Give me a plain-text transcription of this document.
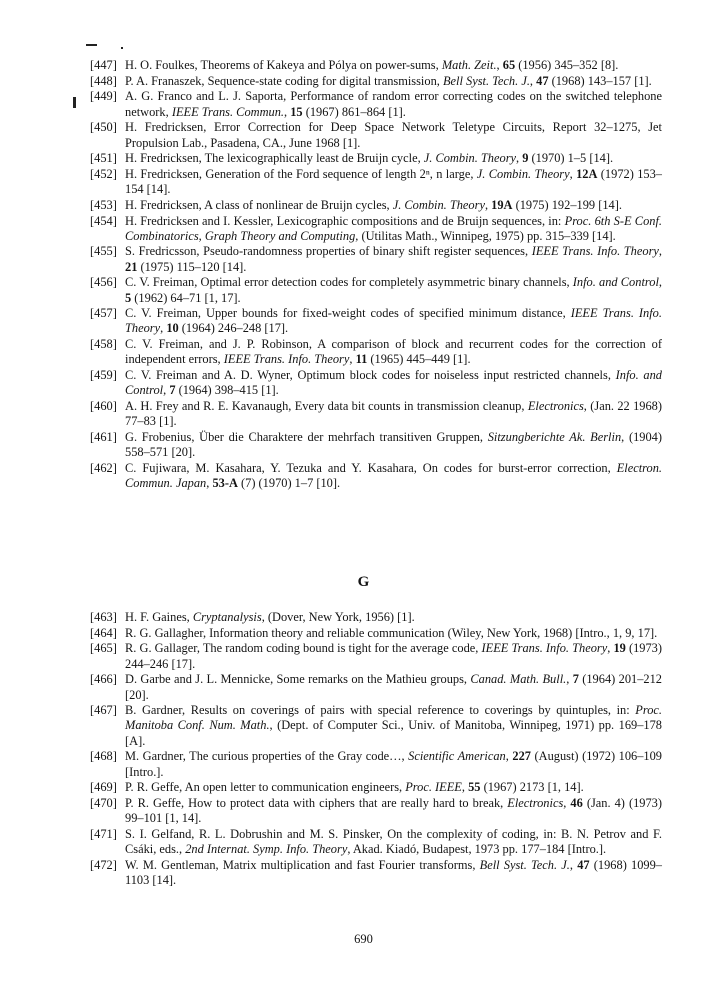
[447] H. O. Foulkes, Theorems of Kakeya and Pólya on power-sums, Math. Zeit., 65 (1956) 345–352 [8].
[448] P. A. Franaszek, Sequence-state coding for digital transmission, Bell Syst. Tech. J., 47 (1968) 143–157 [1].
[449] A. G. Franco and L. J. Saporta, Performance of random error correcting codes on the switched telephone network, IEEE Trans. Commun., 15 (1967) 861–864 [1].
[450] H. Fredricksen, Error Correction for Deep Space Network Teletype Circuits, Report 32–1275, Jet Propulsion Lab., Pasadena, CA., June 1968 [1].
[451] H. Fredricksen, The lexicographically least de Bruijn cycle, J. Combin. Theory, 9 (1970) 1–5 [14].
[452] H. Fredricksen, Generation of the Ford sequence of length 2ⁿ, n large, J. Combin. Theory, 12A (1972) 153–154 [14].
[453] H. Fredricksen, A class of nonlinear de Bruijn cycles, J. Combin. Theory, 19A (1975) 192–199 [14].
[454] H. Fredricksen and I. Kessler, Lexicographic compositions and de Bruijn sequences, in: Proc. 6th S-E Conf. Combinatorics, Graph Theory and Computing, (Utilitas Math., Winnipeg, 1975) pp. 315–339 [14].
[455] S. Fredricsson, Pseudo-randomness properties of binary shift register sequences, IEEE Trans. Info. Theory, 21 (1975) 115–120 [14].
[456] C. V. Freiman, Optimal error detection codes for completely asymmetric binary channels, Info. and Control, 5 (1962) 64–71 [1, 17].
[457] C. V. Freiman, Upper bounds for fixed-weight codes of specified minimum distance, IEEE Trans. Info. Theory, 10 (1964) 246–248 [17].
[458] C. V. Freiman, and J. P. Robinson, A comparison of block and recurrent codes for the correction of independent errors, IEEE Trans. Info. Theory, 11 (1965) 445–449 [1].
[459] C. V. Freiman and A. D. Wyner, Optimum block codes for noiseless input restricted channels, Info. and Control, 7 (1964) 398–415 [1].
[460] A. H. Frey and R. E. Kavanaugh, Every data bit counts in transmission cleanup, Electronics, (Jan. 22 1968) 77–83 [1].
[461] G. Frobenius, Über die Charaktere der mehrfach transitiven Gruppen, Sitzungberichte Ak. Berlin, (1904) 558–571 [20].
[462] C. Fujiwara, M. Kasahara, Y. Tezuka and Y. Kasahara, On codes for burst-error correction, Electron. Commun. Japan, 53-A (7) (1970) 1–7 [10].
G
[463] H. F. Gaines, Cryptanalysis, (Dover, New York, 1956) [1].
[464] R. G. Gallagher, Information theory and reliable communication (Wiley, New York, 1968) [Intro., 1, 9, 17].
[465] R. G. Gallager, The random coding bound is tight for the average code, IEEE Trans. Info. Theory, 19 (1973) 244–246 [17].
[466] D. Garbe and J. L. Mennicke, Some remarks on the Mathieu groups, Canad. Math. Bull., 7 (1964) 201–212 [20].
[467] B. Gardner, Results on coverings of pairs with special reference to coverings by quintuples, in: Proc. Manitoba Conf. Num. Math., (Dept. of Computer Sci., Univ. of Manitoba, Winnipeg, 1971) pp. 169–178 [A].
[468] M. Gardner, The curious properties of the Gray code…, Scientific American, 227 (August) (1972) 106–109 [Intro.].
[469] P. R. Geffe, An open letter to communication engineers, Proc. IEEE, 55 (1967) 2173 [1, 14].
[470] P. R. Geffe, How to protect data with ciphers that are really hard to break, Electronics, 46 (Jan. 4) (1973) 99–101 [1, 14].
[471] S. I. Gelfand, R. L. Dobrushin and M. S. Pinsker, On the complexity of coding, in: B. N. Petrov and F. Csáki, eds., 2nd Internat. Symp. Info. Theory, Akad. Kiadó, Budapest, 1973 pp. 177–184 [Intro.].
[472] W. M. Gentleman, Matrix multiplication and fast Fourier transforms, Bell Syst. Tech. J., 47 (1968) 1099–1103 [14].
690
